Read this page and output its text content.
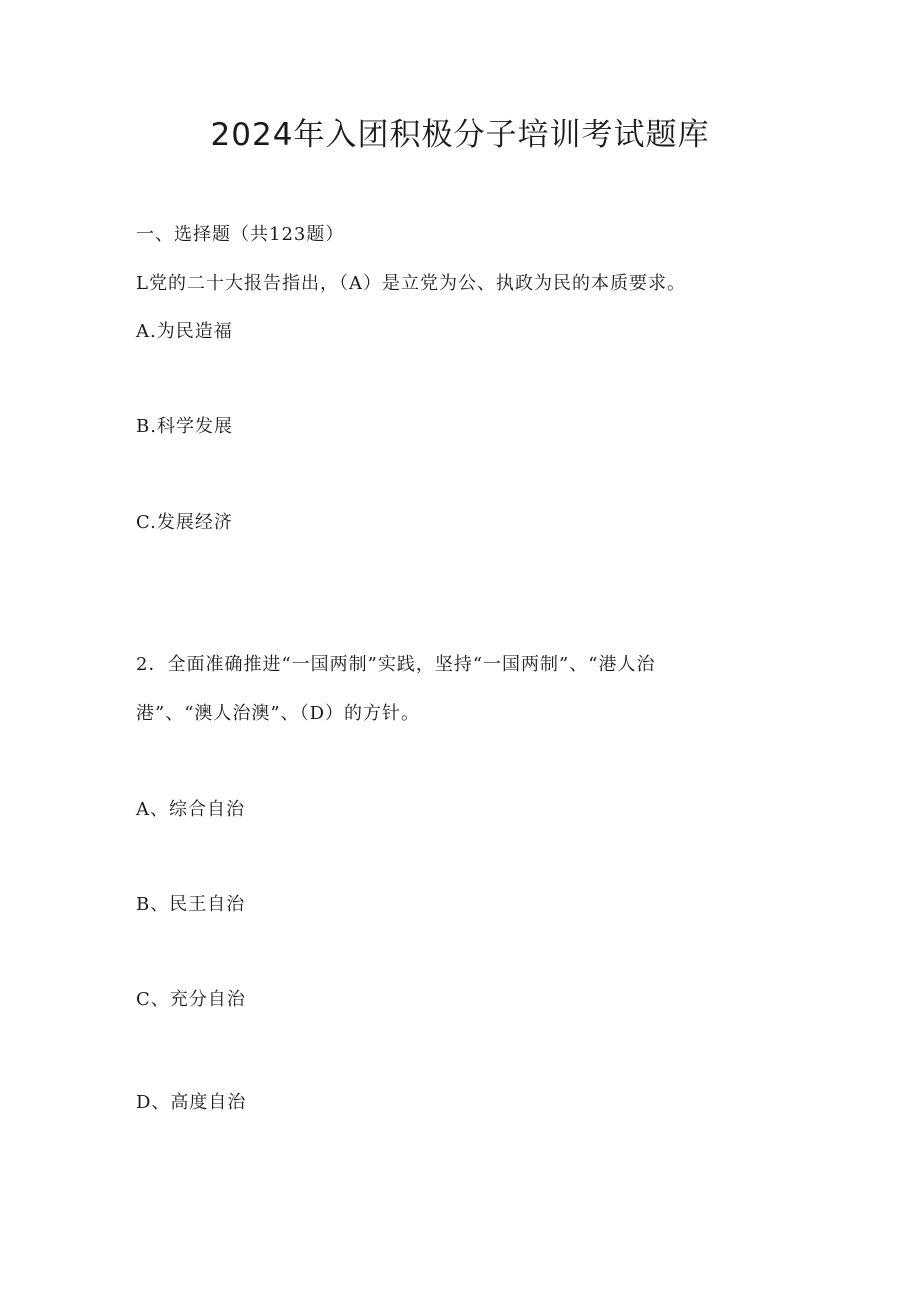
2024年入团积极分子培训考试题库
一、选择题（共123题）
L党的二十大报告指出，（A）是立党为公、执政为民的本质要求。
A.为民造福
B.科学发展
C.发展经济
2．全面准确推进“一国两制”实践，坚持“一国两制”、“港人治
港”、“澳人治澳”、（D）的方针。
A、综合自治
B、民王自治
C、充分自治
D、高度自治
